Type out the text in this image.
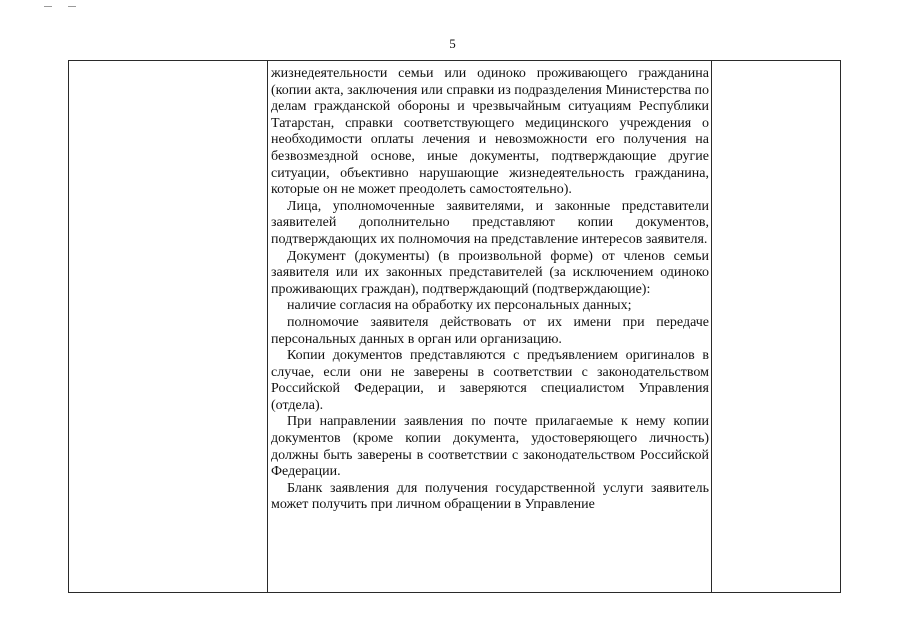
5

жизнедеятельности семьи или одиноко проживающего гражданина (копии акта, заключения или справки из подразделения Министерства по делам гражданской обороны и чрезвычайным ситуациям Республики Татарстан, справки соответствующего медицинского учреждения о необходимости оплаты лечения и невозможности его получения на безвозмездной основе, иные документы, подтверждающие другие ситуации, объективно нарушающие жизнедеятельность гражданина, которые он не может преодолеть самостоятельно).

Лица, уполномоченные заявителями, и законные представители заявителей дополнительно представляют копии документов, подтверждающих их полномочия на представление интересов заявителя.

Документ (документы) (в произвольной форме) от членов семьи заявителя или их законных представителей (за исключением одиноко проживающих граждан), подтверждающий (подтверждающие):

наличие согласия на обработку их персональных данных;

полномочие заявителя действовать от их имени при передаче персональных данных в орган или организацию.

Копии документов представляются с предъявлением оригиналов в случае, если они не заверены в соответствии с законодательством Российской Федерации, и заверяются специалистом Управления (отдела).

При направлении заявления по почте прилагаемые к нему копии документов (кроме копии документа, удостоверяющего личность) должны быть заверены в соответствии с законодательством Российской Федерации.

Бланк заявления для получения государственной услуги заявитель может получить при личном обращении в Управление
